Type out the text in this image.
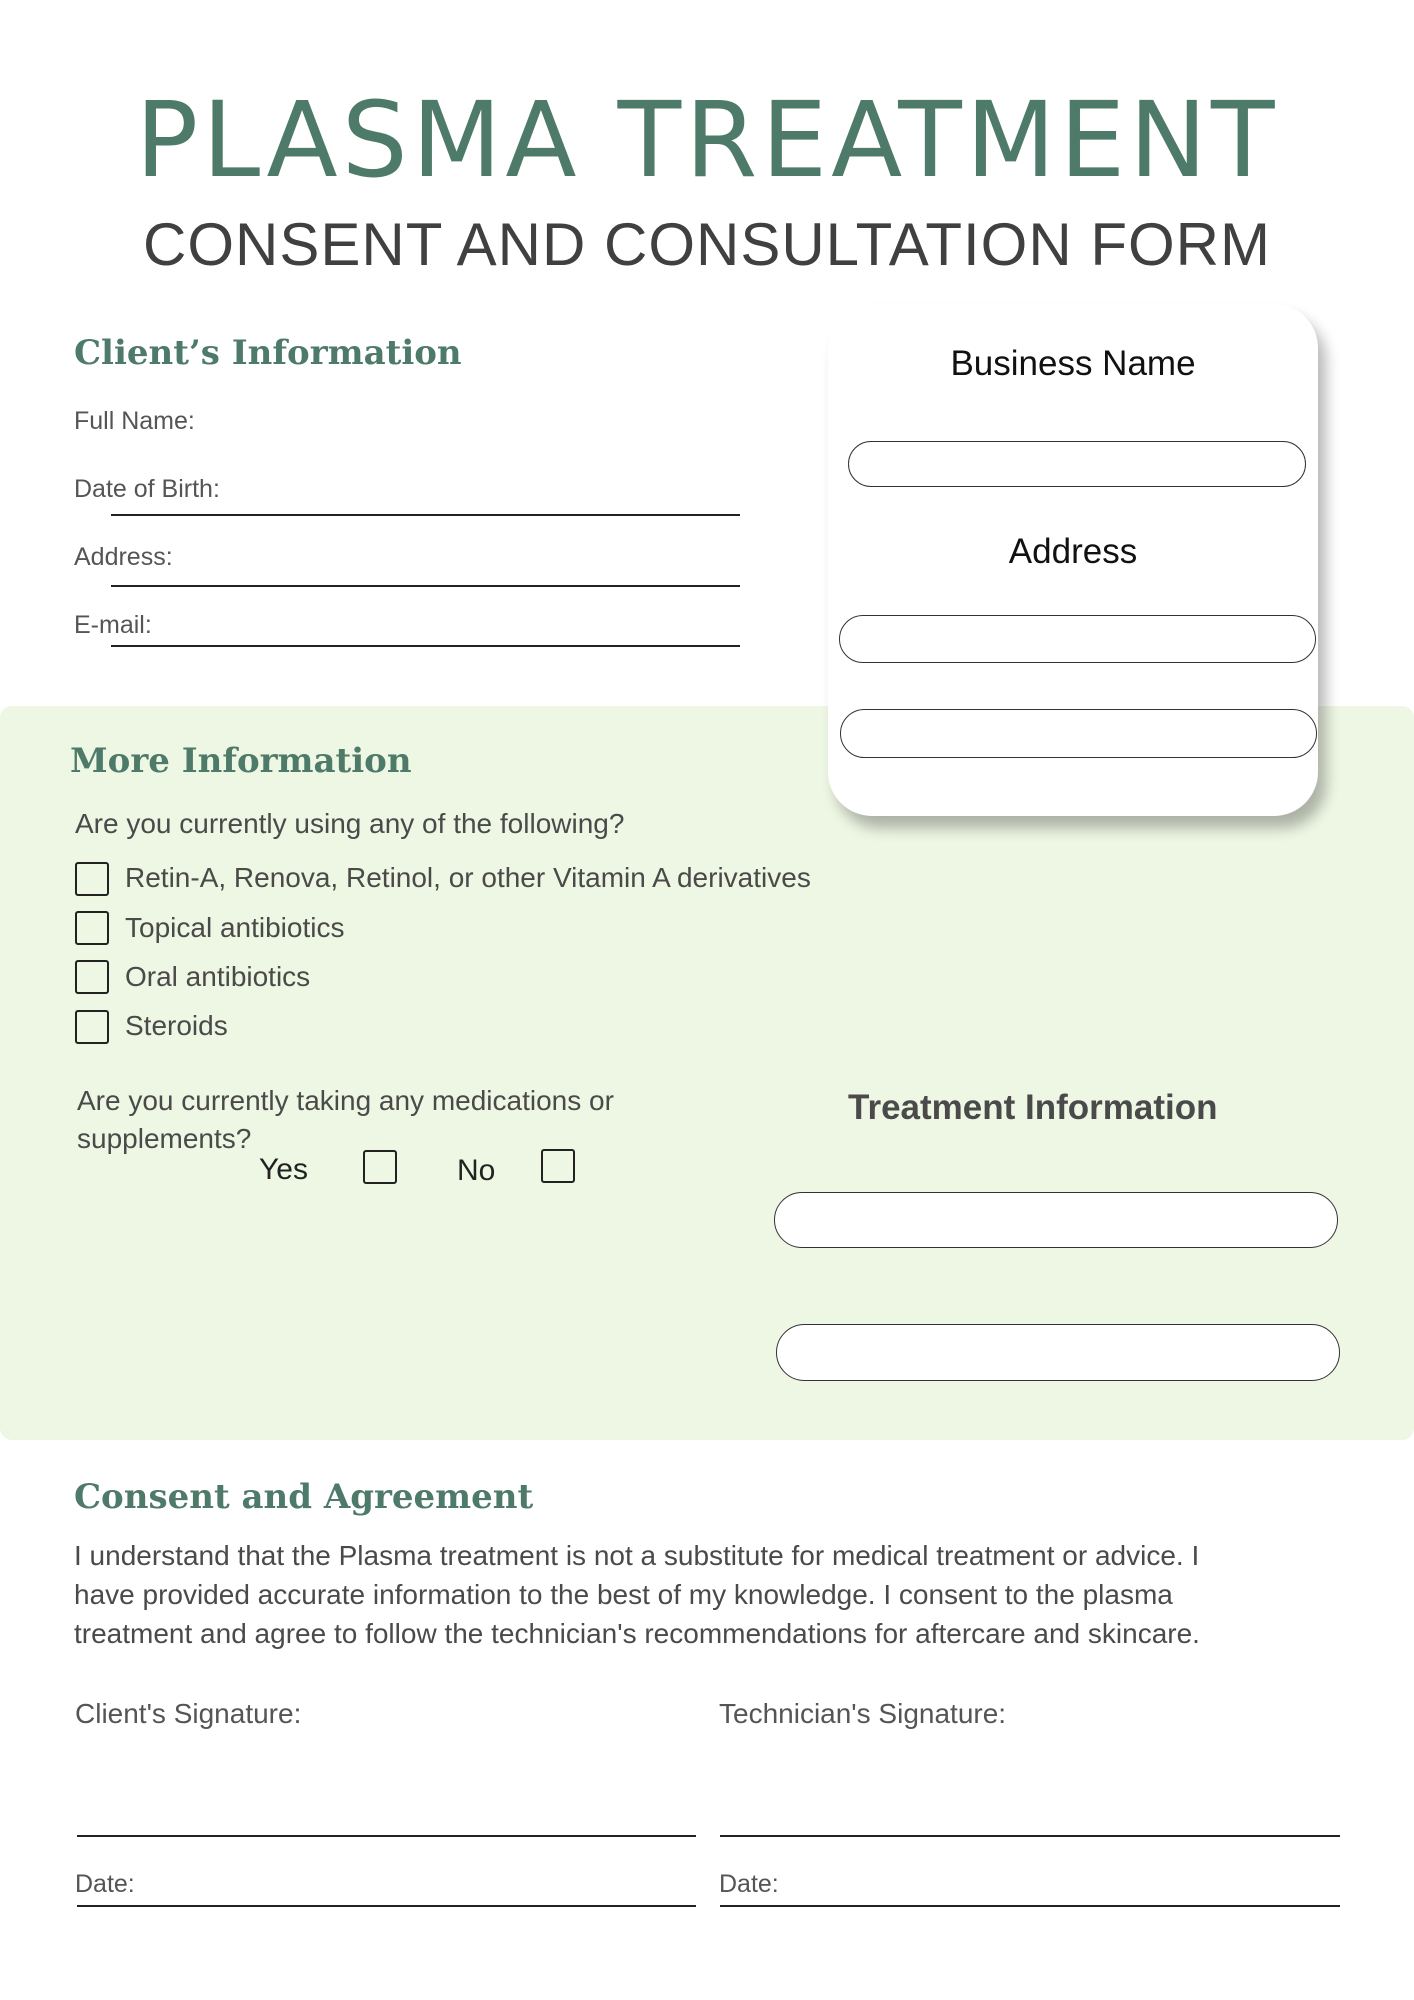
PLASMA TREATMENT
CONSENT AND CONSULTATION FORM
Client’s Information
Full Name:
Date of Birth:
Address:
E-mail:
Business Name
Address
More Information
Are you currently using any of the following?
Retin-A, Renova, Retinol, or other Vitamin A derivatives
Topical antibiotics
Oral antibiotics
Steroids
Are you currently taking any medications or
supplements?
Yes	No
Treatment Information
Consent and Agreement
I understand that the Plasma treatment is not a substitute for medical treatment or advice. I
have provided accurate information to the best of my knowledge. I consent to the plasma
treatment and agree to follow the technician's recommendations for aftercare and skincare.
Client's Signature:	Technician's Signature:
Date:	Date:
